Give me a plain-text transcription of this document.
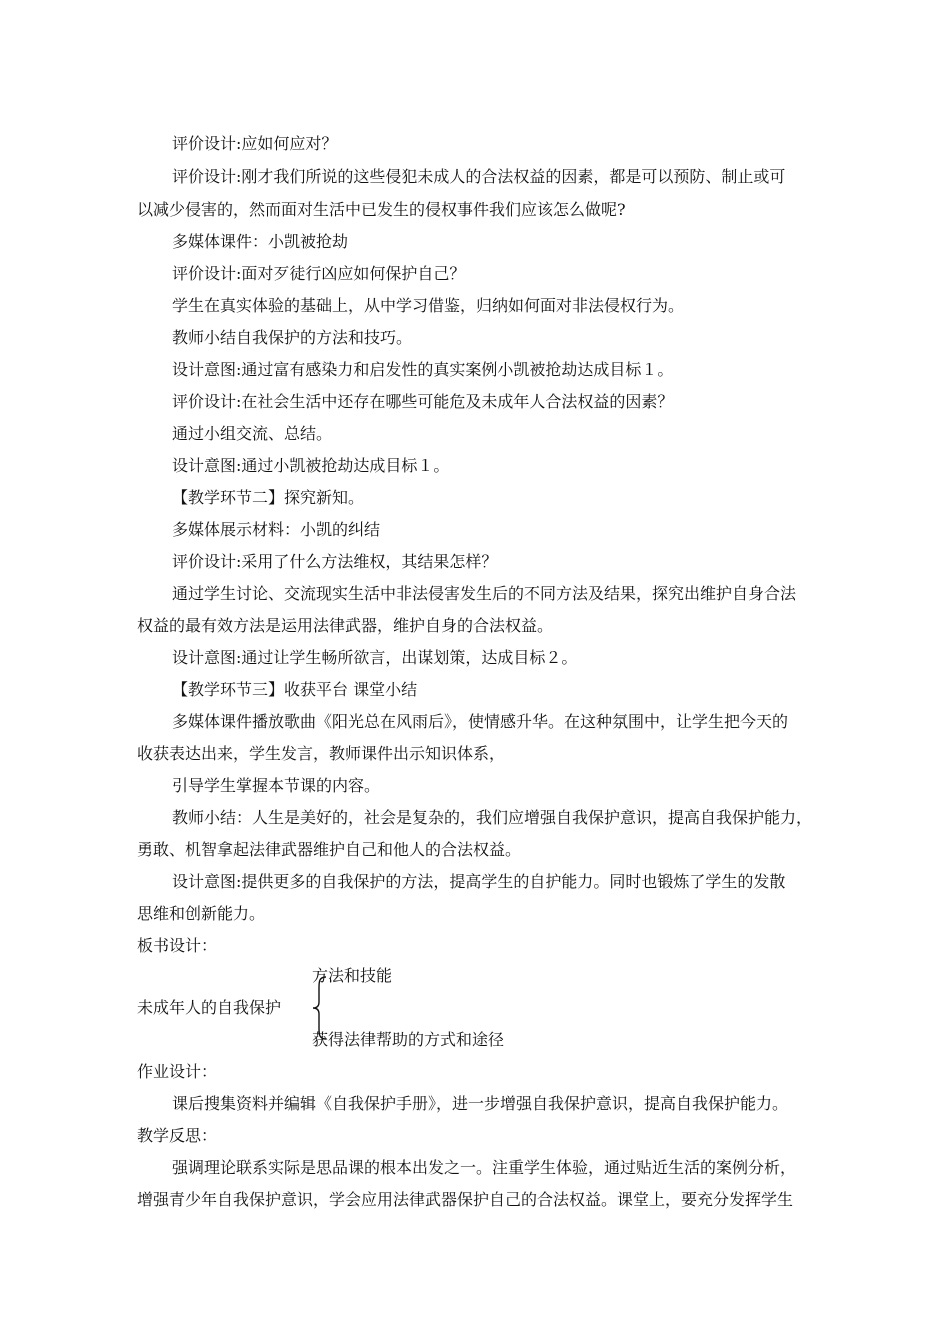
评价设计:应如何应对？
评价设计:刚才我们所说的这些侵犯未成人的合法权益的因素，都是可以预防、制止或可
以减少侵害的，然而面对生活中已发生的侵权事件我们应该怎么做呢?
多媒体课件：小凯被抢劫
评价设计:面对歹徒行凶应如何保护自己？
学生在真实体验的基础上，从中学习借鉴，归纳如何面对非法侵权行为。
教师小结自我保护的方法和技巧。
设计意图:通过富有感染力和启发性的真实案例小凯被抢劫达成目标１。
评价设计:在社会生活中还存在哪些可能危及未成年人合法权益的因素？
通过小组交流、总结。
设计意图:通过小凯被抢劫达成目标１。
【教学环节二】探究新知。
多媒体展示材料：小凯的纠结
评价设计:采用了什么方法维权，其结果怎样？
通过学生讨论、交流现实生活中非法侵害发生后的不同方法及结果，探究出维护自身合法
权益的最有效方法是运用法律武器，维护自身的合法权益。
设计意图:通过让学生畅所欲言，出谋划策，达成目标２。
【教学环节三】收获平台 课堂小结
多媒体课件播放歌曲《阳光总在风雨后》，使情感升华。在这种氛围中，让学生把今天的
收获表达出来，学生发言，教师课件出示知识体系，
引导学生掌握本节课的内容。
教师小结：人生是美好的，社会是复杂的，我们应增强自我保护意识，提高自我保护能力，
勇敢、机智拿起法律武器维护自己和他人的合法权益。
设计意图:提供更多的自我保护的方法，提高学生的自护能力。同时也锻炼了学生的发散
思维和创新能力。
板书设计：
方法和技能
未成年人的自我保护
获得法律帮助的方式和途径
作业设计：
课后搜集资料并编辑《自我保护手册》，进一步增强自我保护意识，提高自我保护能力。
教学反思：
强调理论联系实际是思品课的根本出发之一。注重学生体验，通过贴近生活的案例分析，
增强青少年自我保护意识，学会应用法律武器保护自己的合法权益。课堂上，要充分发挥学生
